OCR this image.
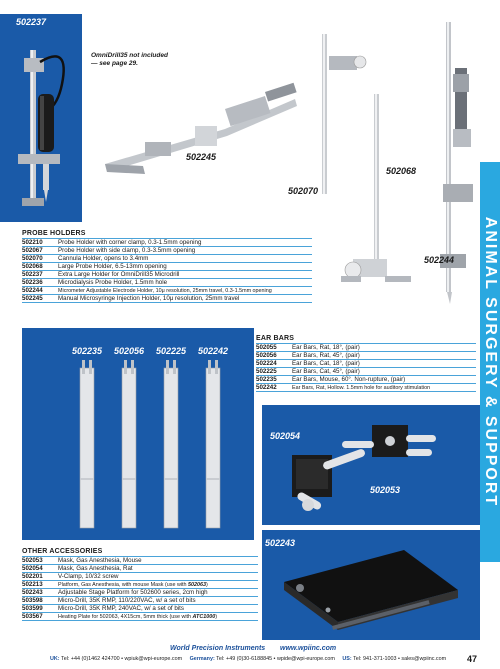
502237
OmniDrill35 not included
— see page 29.
502245
502070
502068
502244 ANIMAL SURGERY & SUPPORT
PROBE HOLDERS
502210	Probe Holder with corner clamp, 0.3-1.5mm opening
502067	Probe Holder with side clamp, 0.3-3.5mm opening
502070	Cannula Holder, opens to 3.4mm
502068	Large Probe Holder, 6.5-13mm opening
502237	Extra Large Holder for OmniDrill35 Microdrill
502236	Microdialysis Probe Holder, 1.5mm hole
502244	Micrometer Adjustable Electrode Holder, 10μ resolution, 25mm travel, 0.3-1.5mm opening
502245	Manual Microsyringe Injection Holder, 10μ resolution, 25mm travel
502235 502056 502225 502242
EAR BARS
502055	Ear Bars, Rat, 18°, (pair)
502056	Ear Bars, Rat, 45°, (pair)
502224	Ear Bars, Cat, 18°, (pair)
502225	Ear Bars, Cat, 45°, (pair)
502235	Ear Bars, Mouse, 60°. Non-rupture, (pair)
502242	Ear Bars, Rat, Hollow. 1.5mm hole for auditory stimulation
502054
502053
502243
OTHER ACCESSORIES
502053	Mask, Gas Anesthesia, Mouse
502054	Mask, Gas Anesthesia, Rat
502201	V-Clamp, 10/32 screw
502213	Platform, Gas Anesthesia, with mouse Mask (use with 502063)
502243	Adjustable Stage Platform for 502600 series, 2cm high
503598	Micro-Drill, 35K RMP, 110/220VAC, w/ a set of bits
503599	Micro-Drill, 35K RMP, 240VAC, w/ a set of bits
503567	Heating Plate for 502063, 4X15cm, 5mm thick (use with ATC1000)
World Precision Instruments www.wpiinc.com
UK: Tel: +44 (0)1462 424700 • wpiuk@wpi-europe.com Germany: Tel: +49 (0)30-6188845 • wpide@wpi-europe.com US: Tel: 941-371-1003 • sales@wpiinc.com 47
